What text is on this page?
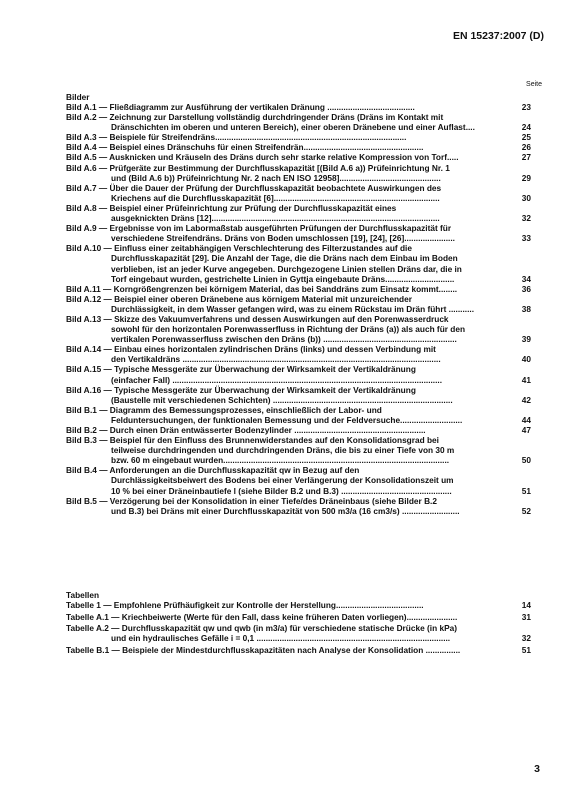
EN 15237:2007 (D)
Seite
Bilder
Bild A.1 — Fließdiagramm zur Ausführung der vertikalen Dränung ......................................	23
Bild A.2 — Zeichnung zur Darstellung vollständig durchdringender Dräns (Dräns im Kontakt mit
Dränschichten im oberen und unteren Bereich), einer oberen Dränebene und einer Auflast....	24
Bild A.3 — Beispiele für Streifendräns...................................................................................	25
Bild A.4 — Beispiel eines Dränschuhs für einen Streifendrän....................................................	26
Bild A.5 — Ausknicken und Kräuseln des Dräns durch sehr starke relative Kompression von Torf.....	27
Bild A.6 — Prüfgeräte zur Bestimmung der Durchflusskapazität [(Bild A.6 a)) Prüfeinrichtung Nr. 1
und (Bild A.6 b)) Prüfeinrichtung Nr. 2 nach EN ISO 12958]............................................	29
Bild A.7 — Über die Dauer der Prüfung der Durchflusskapazität beobachtete Auswirkungen des
Kriechens auf die Durchflusskapazität [6]........................................................................	30
Bild A.8 — Beispiel einer Prüfeinrichtung zur Prüfung der Durchflusskapazität eines
ausgeknickten Dräns [12]...................................................................................................	32
Bild A.9 — Ergebnisse von im Labormaßstab ausgeführten Prüfungen der Durchflusskapazität für
verschiedene Streifendräns. Dräns von Boden umschlossen [19], [24], [26]......................	33
Bild A.10 — Einfluss einer zeitabhängigen Verschlechterung des Filterzustandes auf die
Durchflusskapazität [29]. Die Anzahl der Tage, die die Dräns nach dem Einbau im Boden
verblieben, ist an jeder Kurve angegeben. Durchgezogene Linien stellen Dräns dar, die in
Torf eingebaut wurden, gestrichelte Linien in Gyttja eingebaute Dräns..............................	34
Bild A.11 — Korngrößengrenzen bei körnigem Material, das bei Sanddräns zum Einsatz kommt........	36
Bild A.12 — Beispiel einer oberen Dränebene aus körnigem Material mit unzureichender
Durchlässigkeit, in dem Wasser gefangen wird, was zu einem Rückstau im Drän führt ...........	38
Bild A.13 — Skizze des Vakuumverfahrens und dessen Auswirkungen auf den Porenwasserdruck
sowohl für den horizontalen Porenwasserfluss in Richtung der Dräns (a)) als auch für den
vertikalen Porenwasserfluss zwischen den Dräns (b)) ..........................................................	39
Bild A.14 — Einbau eines horizontalen zylindrischen Dräns (links) und dessen Verbindung mit
den Vertikaldräns ................................................................................................................	40
Bild A.15 — Typische Messgeräte zur Überwachung der Wirksamkeit der Vertikaldränung
(einfacher Fall) .....................................................................................................................	41
Bild A.16 — Typische Messgeräte zur Überwachung der Wirksamkeit der Vertikaldränung
(Baustelle mit verschiedenen Schichten) ..............................................................................	42
Bild B.1 — Diagramm des Bemessungsprozesses, einschließlich der Labor- und
Felduntersuchungen, der funktionalen Bemessung und der Feldversuche...........................	44
Bild B.2 — Durch einen Drän entwässerter Bodenzylinder .........................................................	47
Bild B.3 — Beispiel für den Einfluss des Brunnenwiderstandes auf den Konsolidationsgrad bei
teilweise durchdringenden und durchdringenden Dräns, die bis zu einer Tiefe von 30 m
bzw. 60 m eingebaut wurden..................................................................................................	50
Bild B.4 — Anforderungen an die Durchflusskapazität qw in Bezug auf den
Durchlässigkeitsbeiwert des Bodens bei einer Verlängerung der Konsolidationszeit um
10 % bei einer Dräneinbautiefe l (siehe Bilder B.2 und B.3) ................................................	51
Bild B.5 — Verzögerung bei der Konsolidation in einer Tiefe/des Dräneinbaus (siehe Bilder B.2
und B.3) bei Dräns mit einer Durchflusskapazität von 500 m3/a (16 cm3/s) .........................	52
Tabellen
Tabelle 1 — Empfohlene Prüfhäufigkeit zur Kontrolle der Herstellung......................................	14
Tabelle A.1 — Kriechbeiwerte (Werte für den Fall, dass keine früheren Daten vorliegen)......................	31
Tabelle A.2 — Durchflusskapazität qw und qwb (in m3/a) für verschiedene statische Drücke (in kPa)
und ein hydraulisches Gefälle i = 0,1 ....................................................................................	32
Tabelle B.1 — Beispiele der Mindestdurchflusskapazitäten nach Analyse der Konsolidation ...............	51
3
